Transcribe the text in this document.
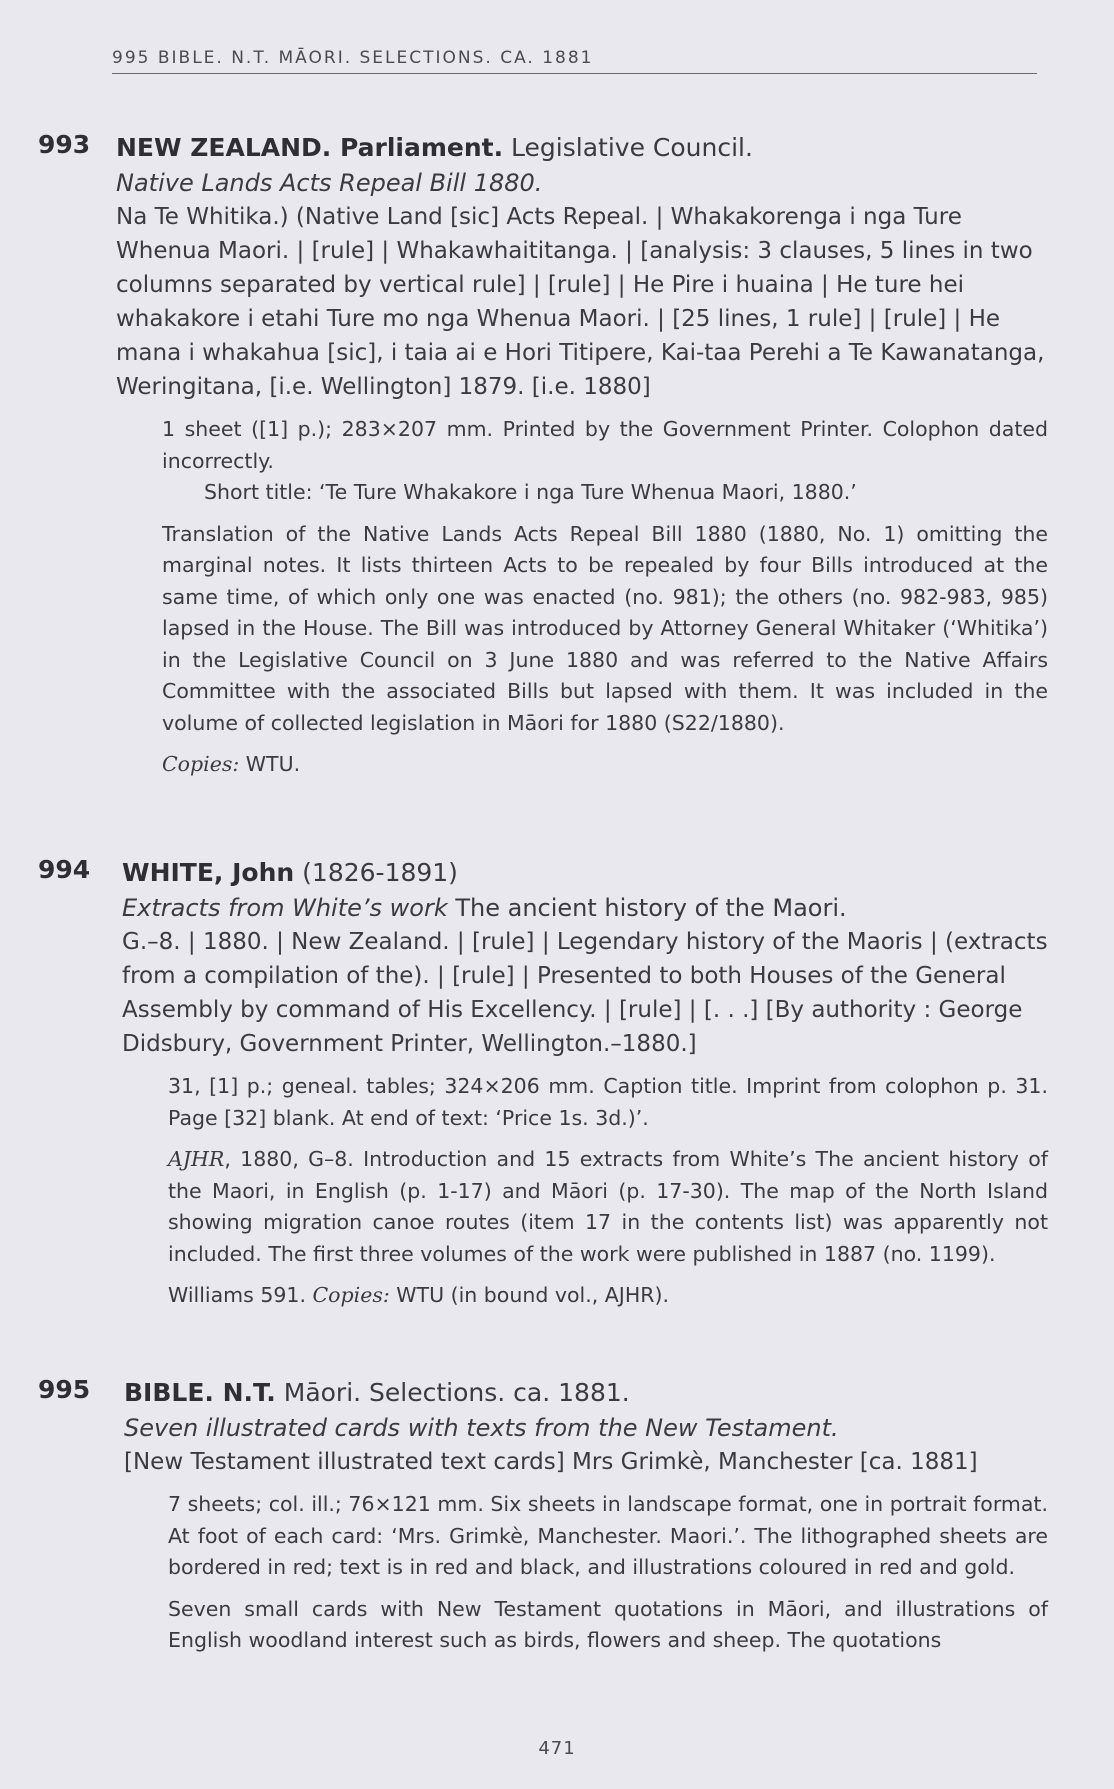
995 BIBLE. N.T. MĀORI. SELECTIONS. CA. 1881
993 NEW ZEALAND. Parliament. Legislative Council.
Native Lands Acts Repeal Bill 1880.
Na Te Whitika.) (Native Land [sic] Acts Repeal. | Whakakorenga i nga Ture Whenua Maori. | [rule] | Whakawhaititanga. | [analysis: 3 clauses, 5 lines in two columns separated by vertical rule] | [rule] | He Pire i huaina | He ture hei whakakore i etahi Ture mo nga Whenua Maori. | [25 lines, 1 rule] | [rule] | He mana i whakahua [sic], i taia ai e Hori Titipere, Kai-taa Perehi a Te Kawanatanga, Weringitana, [i.e. Wellington] 1879. [i.e. 1880]

1 sheet ([1] p.); 283×207 mm. Printed by the Government Printer. Colophon dated incorrectly.

Short title: ‘Te Ture Whakakore i nga Ture Whenua Maori, 1880.’

Translation of the Native Lands Acts Repeal Bill 1880 (1880, No. 1) omitting the marginal notes. It lists thirteen Acts to be repealed by four Bills introduced at the same time, of which only one was enacted (no. 981); the others (no. 982-983, 985) lapsed in the House. The Bill was introduced by Attorney General Whitaker (‘Whitika’) in the Legislative Council on 3 June 1880 and was referred to the Native Affairs Committee with the associated Bills but lapsed with them. It was included in the volume of collected legislation in Māori for 1880 (S22/1880).

Copies: WTU.

994 WHITE, John (1826-1891)
Extracts from White’s work The ancient history of the Maori.
G.–8. | 1880. | New Zealand. | [rule] | Legendary history of the Maoris | (extracts from a compilation of the). | [rule] | Presented to both Houses of the General Assembly by command of His Excellency. | [rule] | [. . .] [By authority : George Didsbury, Government Printer, Wellington.–1880.]

31, [1] p.; geneal. tables; 324×206 mm. Caption title. Imprint from colophon p. 31. Page [32] blank. At end of text: ‘Price 1s. 3d.)’.

AJHR, 1880, G–8. Introduction and 15 extracts from White’s The ancient history of the Maori, in English (p. 1-17) and Māori (p. 17-30). The map of the North Island showing migration canoe routes (item 17 in the contents list) was apparently not included. The first three volumes of the work were published in 1887 (no. 1199).

Williams 591. Copies: WTU (in bound vol., AJHR).

995 BIBLE. N.T. Māori. Selections. ca. 1881.
Seven illustrated cards with texts from the New Testament.
[New Testament illustrated text cards] Mrs Grimkè, Manchester [ca. 1881]

7 sheets; col. ill.; 76×121 mm. Six sheets in landscape format, one in portrait format. At foot of each card: ‘Mrs. Grimkè, Manchester. Maori.’. The lithographed sheets are bordered in red; text is in red and black, and illustrations coloured in red and gold.

Seven small cards with New Testament quotations in Māori, and illustrations of English woodland interest such as birds, flowers and sheep. The quotations

471
